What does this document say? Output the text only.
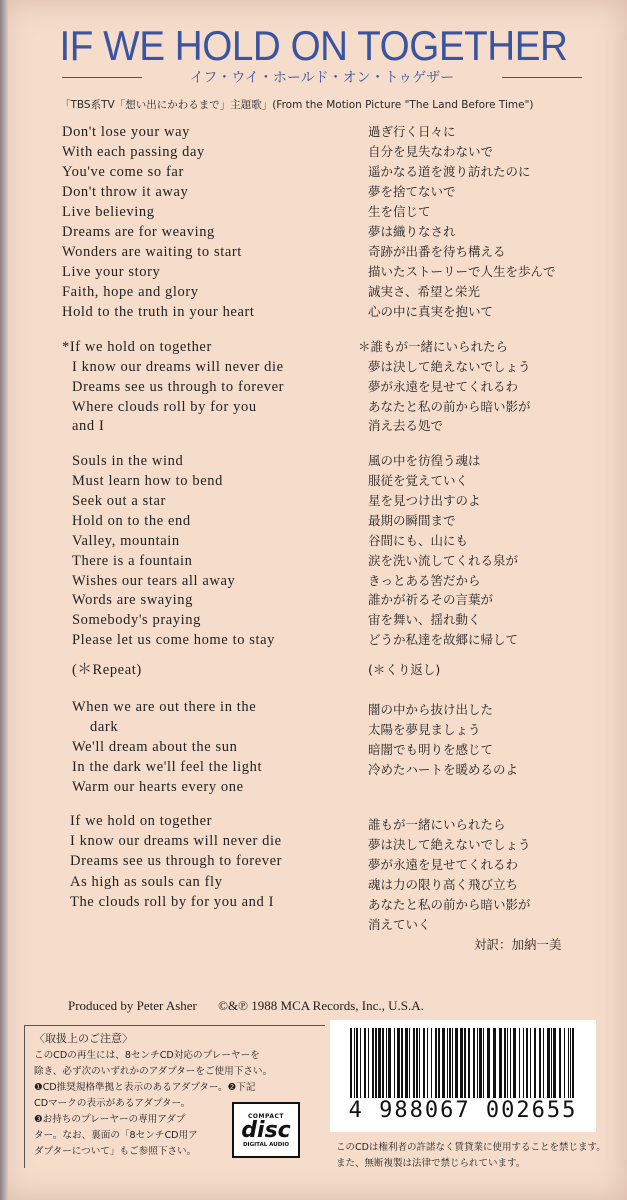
IF WE HOLD ON TOGETHER
イフ・ウイ・ホールド・オン・トゥゲザー
「TBS系TV「想い出にかわるまで」主題歌」(From the Motion Picture "The Land Before Time")
Don't lose your way
With each passing day
You've come so far
Don't throw it away
Live believing
Dreams are for weaving
Wonders are waiting to start
Live your story
Faith, hope and glory
Hold to the truth in your heart
*If we hold on together
I know our dreams will never die
Dreams see us through to forever
Where clouds roll by for you
and I
Souls in the wind
Must learn how to bend
Seek out a star
Hold on to the end
Valley, mountain
There is a fountain
Wishes our tears all away
Words are swaying
Somebody's praying
Please let us come home to stay
(＊Repeat)
When we are out there in the
dark
We'll dream about the sun
In the dark we'll feel the light
Warm our hearts every one
If we hold on together
I know our dreams will never die
Dreams see us through to forever
As high as souls can fly
The clouds roll by for you and I
過ぎ行く日々に
自分を見失なわないで
遥かなる道を渡り訪れたのに
夢を捨てないで
生を信じて
夢は織りなされ
奇跡が出番を待ち構える
描いたストーリーで人生を歩んで
誠実さ、希望と栄光
心の中に真実を抱いて
＊誰もが一緒にいられたら
夢は決して絶えないでしょう
夢が永遠を見せてくれるわ
あなたと私の前から暗い影が
消え去る処で
風の中を彷徨う魂は
服従を覚えていく
星を見つけ出すのよ
最期の瞬間まで
谷間にも、山にも
涙を洗い流してくれる泉が
きっとある筈だから
誰かが祈るその言葉が
宙を舞い、揺れ動く
どうか私達を故郷に帰して
(＊くり返し)
闇の中から抜け出した
太陽を夢見ましょう
暗闇でも明りを感じて
冷めたハートを暖めるのよ
誰もが一緒にいられたら
夢は決して絶えないでしょう
夢が永遠を見せてくれるわ
魂は力の限り高く飛び立ち
あなたと私の前から暗い影が
消えていく
対訳：加納一美
Produced by Peter Asher ©&℗ 1988 MCA Records, Inc., U.S.A.
〈取扱上のご注意〉
このCDの再生には、8センチCD対応のプレーヤーを
除き、必ず次のいずれかのアダプターをご使用下さい。
❶CD推奨規格準拠と表示のあるアダプター。❷下記
CDマークの表示があるアダプター。
❸お持ちのプレーヤーの専用アダプ
ター。なお、裏面の「8センチCD用ア
ダプターについて」もご参照下さい。
COMPACT
disc
DIGITAL AUDIO
4 988067 002655
このCDは権利者の許諾なく賃貸業に使用することを禁じます。また、無断複製は法律で禁じられています。
